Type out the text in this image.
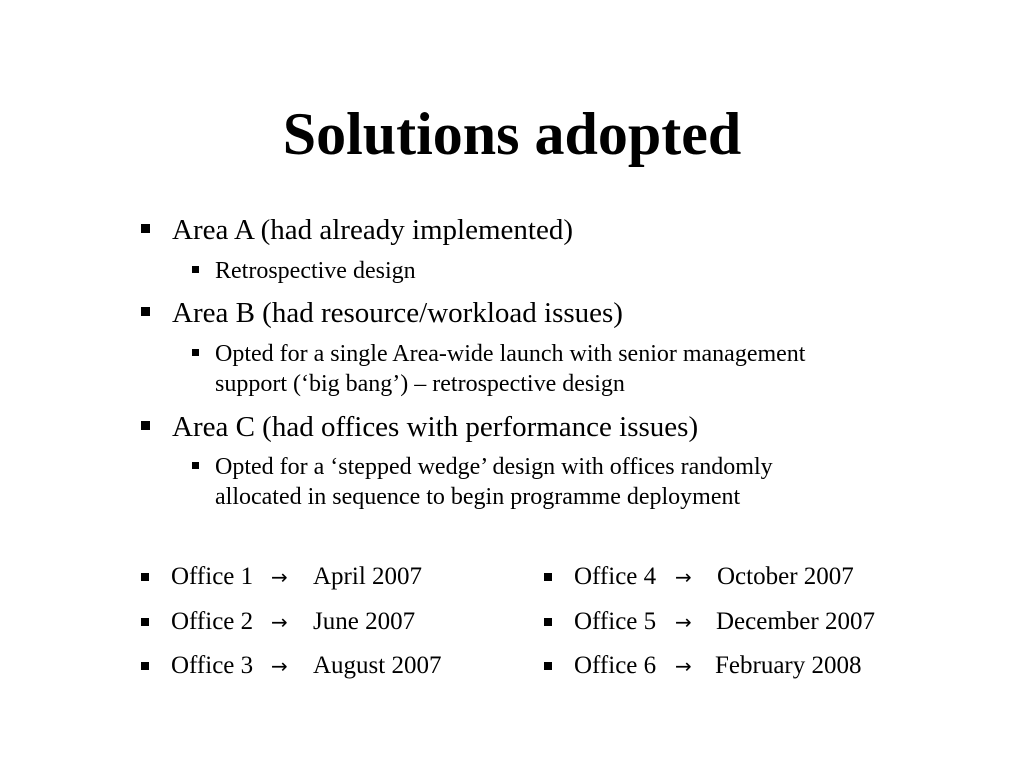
Solutions adopted
Area A (had already implemented)
Retrospective design
Area B (had resource/workload issues)
Opted for a single Area-wide launch with senior management
support (‘big bang’) – retrospective design
Area C (had offices with performance issues)
Opted for a ‘stepped wedge’ design with offices randomly
allocated in sequence to begin programme deployment
Office 1 → April 2007
Office 2 → June 2007
Office 3 → August 2007
Office 4 → October 2007
Office 5 → December 2007
Office 6 → February 2008
